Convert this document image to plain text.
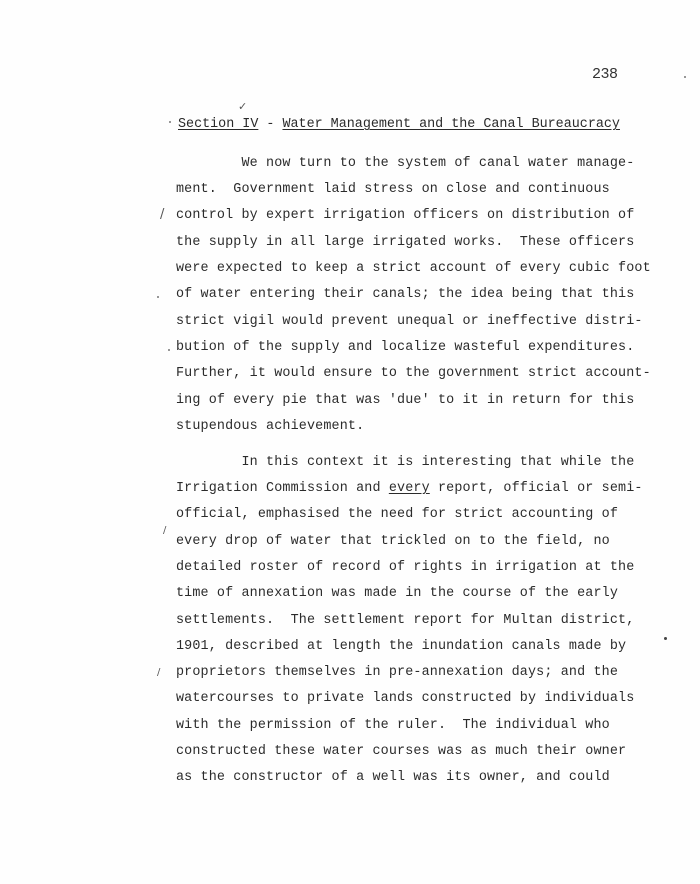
238
✓
Section IV - Water Management and the Canal Bureaucracy
We now turn to the system of canal water manage-
ment.  Government laid stress on close and continuous
/ control by expert irrigation officers on distribution of
the supply in all large irrigated works.  These officers
were expected to keep a strict account of every cubic foot
of water entering their canals; the idea being that this
strict vigil would prevent unequal or ineffective distri-
bution of the supply and localize wasteful expenditures.
Further, it would ensure to the government strict account-
ing of every pie that was 'due' to it in return for this
stupendous achievement.
In this context it is interesting that while the
Irrigation Commission and every report, official or semi-
official, emphasised the need for strict accounting of
/
every drop of water that trickled on to the field, no
detailed roster of record of rights in irrigation at the
time of annexation was made in the course of the early
settlements.  The settlement report for Multan district,
1901, described at length the inundation canals made by
/ proprietors themselves in pre-annexation days; and the
watercourses to private lands constructed by individuals
with the permission of the ruler.  The individual who
constructed these water courses was as much their owner
as the constructor of a well was its owner, and could
